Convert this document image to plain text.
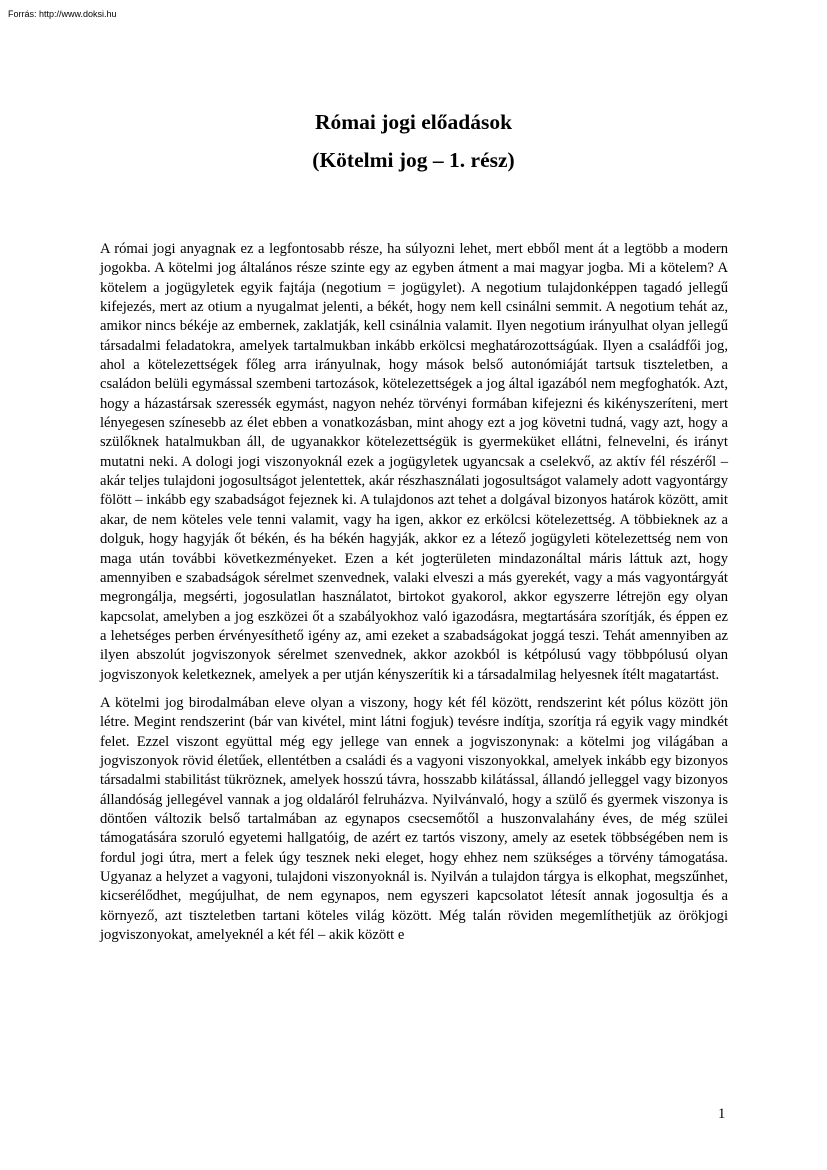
Forrás: http://www.doksi.hu
Római jogi előadások
(Kötelmi jog – 1. rész)

A római jogi anyagnak ez a legfontosabb része, ha súlyozni lehet, mert ebből ment át a legtöbb a modern jogokba. A kötelmi jog általános része szinte egy az egyben átment a mai magyar jogba. Mi a kötelem? A kötelem a jogügyletek egyik fajtája (negotium = jogügylet). A negotium tulajdonképpen tagadó jellegű kifejezés, mert az otium a nyugalmat jelenti, a békét, hogy nem kell csinálni semmit. A negotium tehát az, amikor nincs békéje az embernek, zaklatják, kell csinálnia valamit. Ilyen negotium irányulhat olyan jellegű társadalmi feladatokra, amelyek tartalmukban inkább erkölcsi meghatározottságúak. Ilyen a családfői jog, ahol a kötelezettségek főleg arra irányulnak, hogy mások belső autonómiáját tartsuk tiszteletben, a családon belüli egymással szembeni tartozások, kötelezettségek a jog által igazából nem megfoghatók. Azt, hogy a házastársak szeressék egymást, nagyon nehéz törvényi formában kifejezni és kikényszeríteni, mert lényegesen színesebb az élet ebben a vonatkozásban, mint ahogy ezt a jog követni tudná, vagy azt, hogy a szülőknek hatalmukban áll, de ugyanakkor kötelezettségük is gyermeküket ellátni, felnevelni, és irányt mutatni neki. A dologi jogi viszonyoknál ezek a jogügyletek ugyancsak a cselekvő, az aktív fél részéről – akár teljes tulajdoni jogosultságot jelentettek, akár részhasználati jogosultságot valamely adott vagyontárgy fölött – inkább egy szabadságot fejeznek ki. A tulajdonos azt tehet a dolgával bizonyos határok között, amit akar, de nem köteles vele tenni valamit, vagy ha igen, akkor ez erkölcsi kötelezettség. A többieknek az a dolguk, hogy hagyják őt békén, és ha békén hagyják, akkor ez a létező jogügyleti kötelezettség nem von maga után további következményeket. Ezen a két jogterületen mindazonáltal máris láttuk azt, hogy amennyiben e szabadságok sérelmet szenvednek, valaki elveszi a más gyerekét, vagy a más vagyontárgyát megrongálja, megsérti, jogosulatlan használatot, birtokot gyakorol, akkor egyszerre létrejön egy olyan kapcsolat, amelyben a jog eszközei őt a szabályokhoz való igazodásra, megtartására szorítják, és éppen ez a lehetséges perben érvényesíthető igény az, ami ezeket a szabadságokat joggá teszi. Tehát amennyiben az ilyen abszolút jogviszonyok sérelmet szenvednek, akkor azokból is kétpólusú vagy többpólusú olyan jogviszonyok keletkeznek, amelyek a per utján kényszerítik ki a társadalmilag helyesnek ítélt magatartást.

A kötelmi jog birodalmában eleve olyan a viszony, hogy két fél között, rendszerint két pólus között jön létre. Megint rendszerint (bár van kivétel, mint látni fogjuk) tevésre indítja, szorítja rá egyik vagy mindkét felet. Ezzel viszont együttal még egy jellege van ennek a jogviszonynak: a kötelmi jog világában a jogviszonyok rövid életűek, ellentétben a családi és a vagyoni viszonyokkal, amelyek inkább egy bizonyos társadalmi stabilitást tükröznek, amelyek hosszú távra, hosszabb kilátással, állandó jelleggel vagy bizonyos állandóság jellegével vannak a jog oldaláról felruházva. Nyilvánvaló, hogy a szülő és gyermek viszonya is döntően változik belső tartalmában az egynapos csecsemőtől a huszonvalahány éves, de még szülei támogatására szoruló egyetemi hallgatóig, de azért ez tartós viszony, amely az esetek többségében nem is fordul jogi útra, mert a felek úgy tesznek neki eleget, hogy ehhez nem szükséges a törvény támogatása. Ugyanaz a helyzet a vagyoni, tulajdoni viszonyoknál is. Nyilván a tulajdon tárgya is elkophat, megszűnhet, kicserélődhet, megújulhat, de nem egynapos, nem egyszeri kapcsolatot létesít annak jogosultja és a környező, azt tiszteletben tartani köteles világ között. Még talán röviden megemlíthetjük az örökjogi jogviszonyokat, amelyeknél a két fél – akik között e

1
